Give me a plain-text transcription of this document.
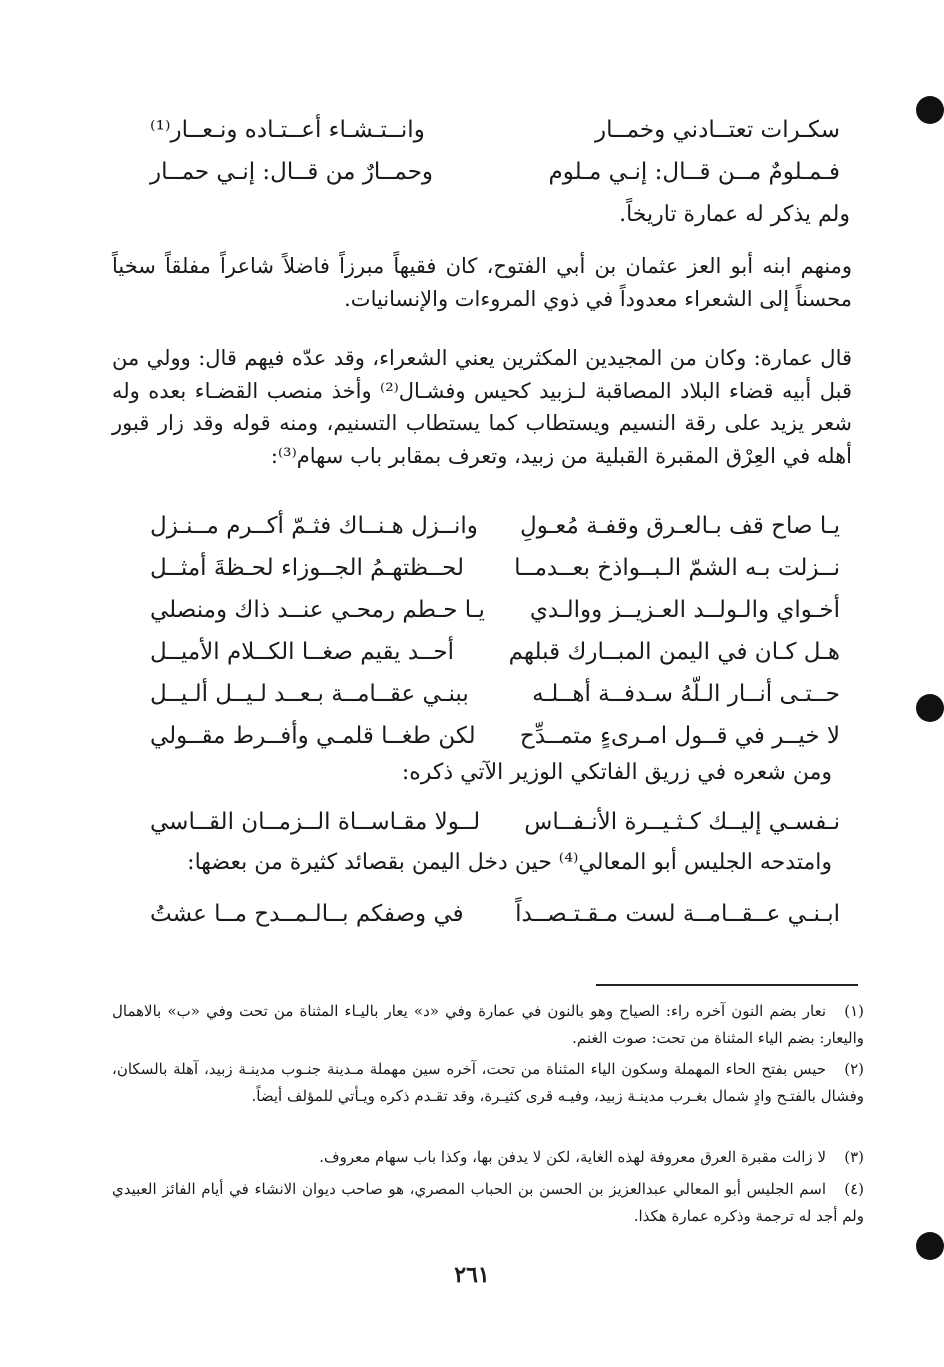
سكـرات تعتــادني وخمــار
وانــتـشـاء أعــتـاده ونـعــار⁽¹⁾
فـمـلومٌ مــن قــال: إنـي مـلوم
وحمــارٌ من قــال: إنـي حمــار
ولم يذكر له عمارة تاريخاً.
ومنهم ابنه أبو العز عثمان بن أبي الفتوح، كان فقيهاً مبرزاً فاضلاً شاعراً مفلقاً سخياً محسناً إلى الشعراء معدوداً في ذوي المروءات والإنسانيات.
قال عمارة: وكان من المجيدين المكثرين يعني الشعراء، وقد عدّه فيهم قال: وولي من قبل أبيه قضاء البلاد المصاقبة لـزبيد كحيس وفشـال⁽²⁾ وأخذ منصب القضـاء بعده وله شعر يزيد على رقة النسيم ويستطاب كما يستطاب التسنيم، ومنه قوله وقد زار قبور أهله في العِرْق المقبرة القبلية من زبيد، وتعرف بمقابر باب سهام⁽³⁾:
يـا صاح قف بـالعـرق وقفـة مُعـولِ
وانــزل هـنــاك فثـمّ أكــرم مــنـزل
نــزلت بـه الشمّ الـبــواذخ بعــدمــا
لحــظتهـمُ الجــوزاء لحـظةَ أمثــل
أخـواي والـولــد العـزيــز ووالـدي
يـا حـطم رمحـي عنــد ذاك ومنصلي
هـل كـان في اليمن المبــارك قبلهم
أحــد يقيم صغــا الكــلام الأميــل
حــتـى أنــار الـلّهُ سـدفــة أهــلـه
ببنـي عقــامــة بـعــد لـيــل ألـيــل
لا خيــر في قــول امـرىءٍ متمــدِّح
لكن طغــا قلمـي وأفــرط مقــولي
ومن شعره في زريق الفاتكي الوزير الآتي ذكره:
نـفسـي إليــك كـثـيــرة الأنـفــاس
لــولا مقـاســاة الــزمــان القــاسي
وامتدحه الجليس أبو المعالي⁽⁴⁾ حين دخل اليمن بقصائد كثيرة من بعضها:
ابـنـي عــقــامــة لست مـقـتـصــداً
في وصفكم بــالـمــدح مــا عشتُ
(١)نعار بضم النون آخره راء: الصياح وهو بالنون في عمارة وفي «د» يعار باليـاء المثناة من تحت وفي «ب» بالاهمال واليعار: بضم الياء المثناة من تحت: صوت الغنم.
(٢)حيس بفتح الحاء المهملة وسكون الياء المثناة من تحت، آخره سين مهملة مـدينة جنـوب مدينـة زبيد، آهلة بالسكان، وفشال بالفتـح وادٍ شمال بغـرب مدينـة زبيد، وفيـه قرى كثيـرة، وقد تقـدم ذكره ويـأتي للمؤلف أيضاً.
(٣)لا زالت مقبرة العرق معروفة لهذه الغاية، لكن لا يدفن بها، وكذا باب سهام معروف.
(٤)اسم الجليس أبو المعالي عبدالعزيز بن الحسن بن الحباب المصري، هو صاحب ديوان الانشاء في أيام الفائز العبيدي ولم أجد له ترجمة وذكره عمارة هكذا.
٢٦١
